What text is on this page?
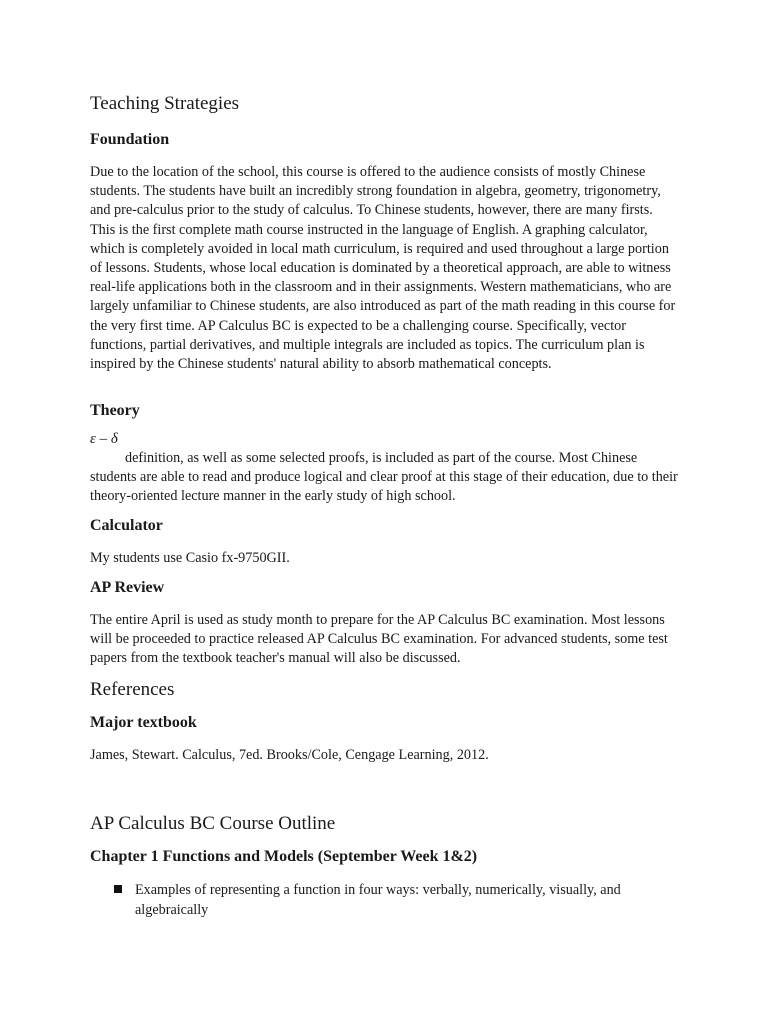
Teaching Strategies
Foundation
Due to the location of the school, this course is offered to the audience consists of mostly Chinese students. The students have built an incredibly strong foundation in algebra, geometry, trigonometry, and pre-calculus prior to the study of calculus. To Chinese students, however, there are many firsts. This is the first complete math course instructed in the language of English. A graphing calculator, which is completely avoided in local math curriculum, is required and used throughout a large portion of lessons. Students, whose local education is dominated by a theoretical approach, are able to witness real-life applications both in the classroom and in their assignments. Western mathematicians, who are largely unfamiliar to Chinese students, are also introduced as part of the math reading in this course for the very first time. AP Calculus BC is expected to be a challenging course. Specifically, vector functions, partial derivatives, and multiple integrals are included as topics. The curriculum plan is inspired by the Chinese students' natural ability to absorb mathematical concepts.
Theory
ε – δ
definition, as well as some selected proofs, is included as part of the course. Most Chinese students are able to read and produce logical and clear proof at this stage of their education, due to their theory-oriented lecture manner in the early study of high school.
Calculator
My students use Casio fx-9750GII.
AP Review
The entire April is used as study month to prepare for the AP Calculus BC examination. Most lessons will be proceeded to practice released AP Calculus BC examination. For advanced students, some test papers from the textbook teacher's manual will also be discussed.
References
Major textbook
James, Stewart. Calculus, 7ed. Brooks/Cole, Cengage Learning, 2012.
AP Calculus BC Course Outline
Chapter 1 Functions and Models (September Week 1&2)
Examples of representing a function in four ways: verbally, numerically, visually, and algebraically
